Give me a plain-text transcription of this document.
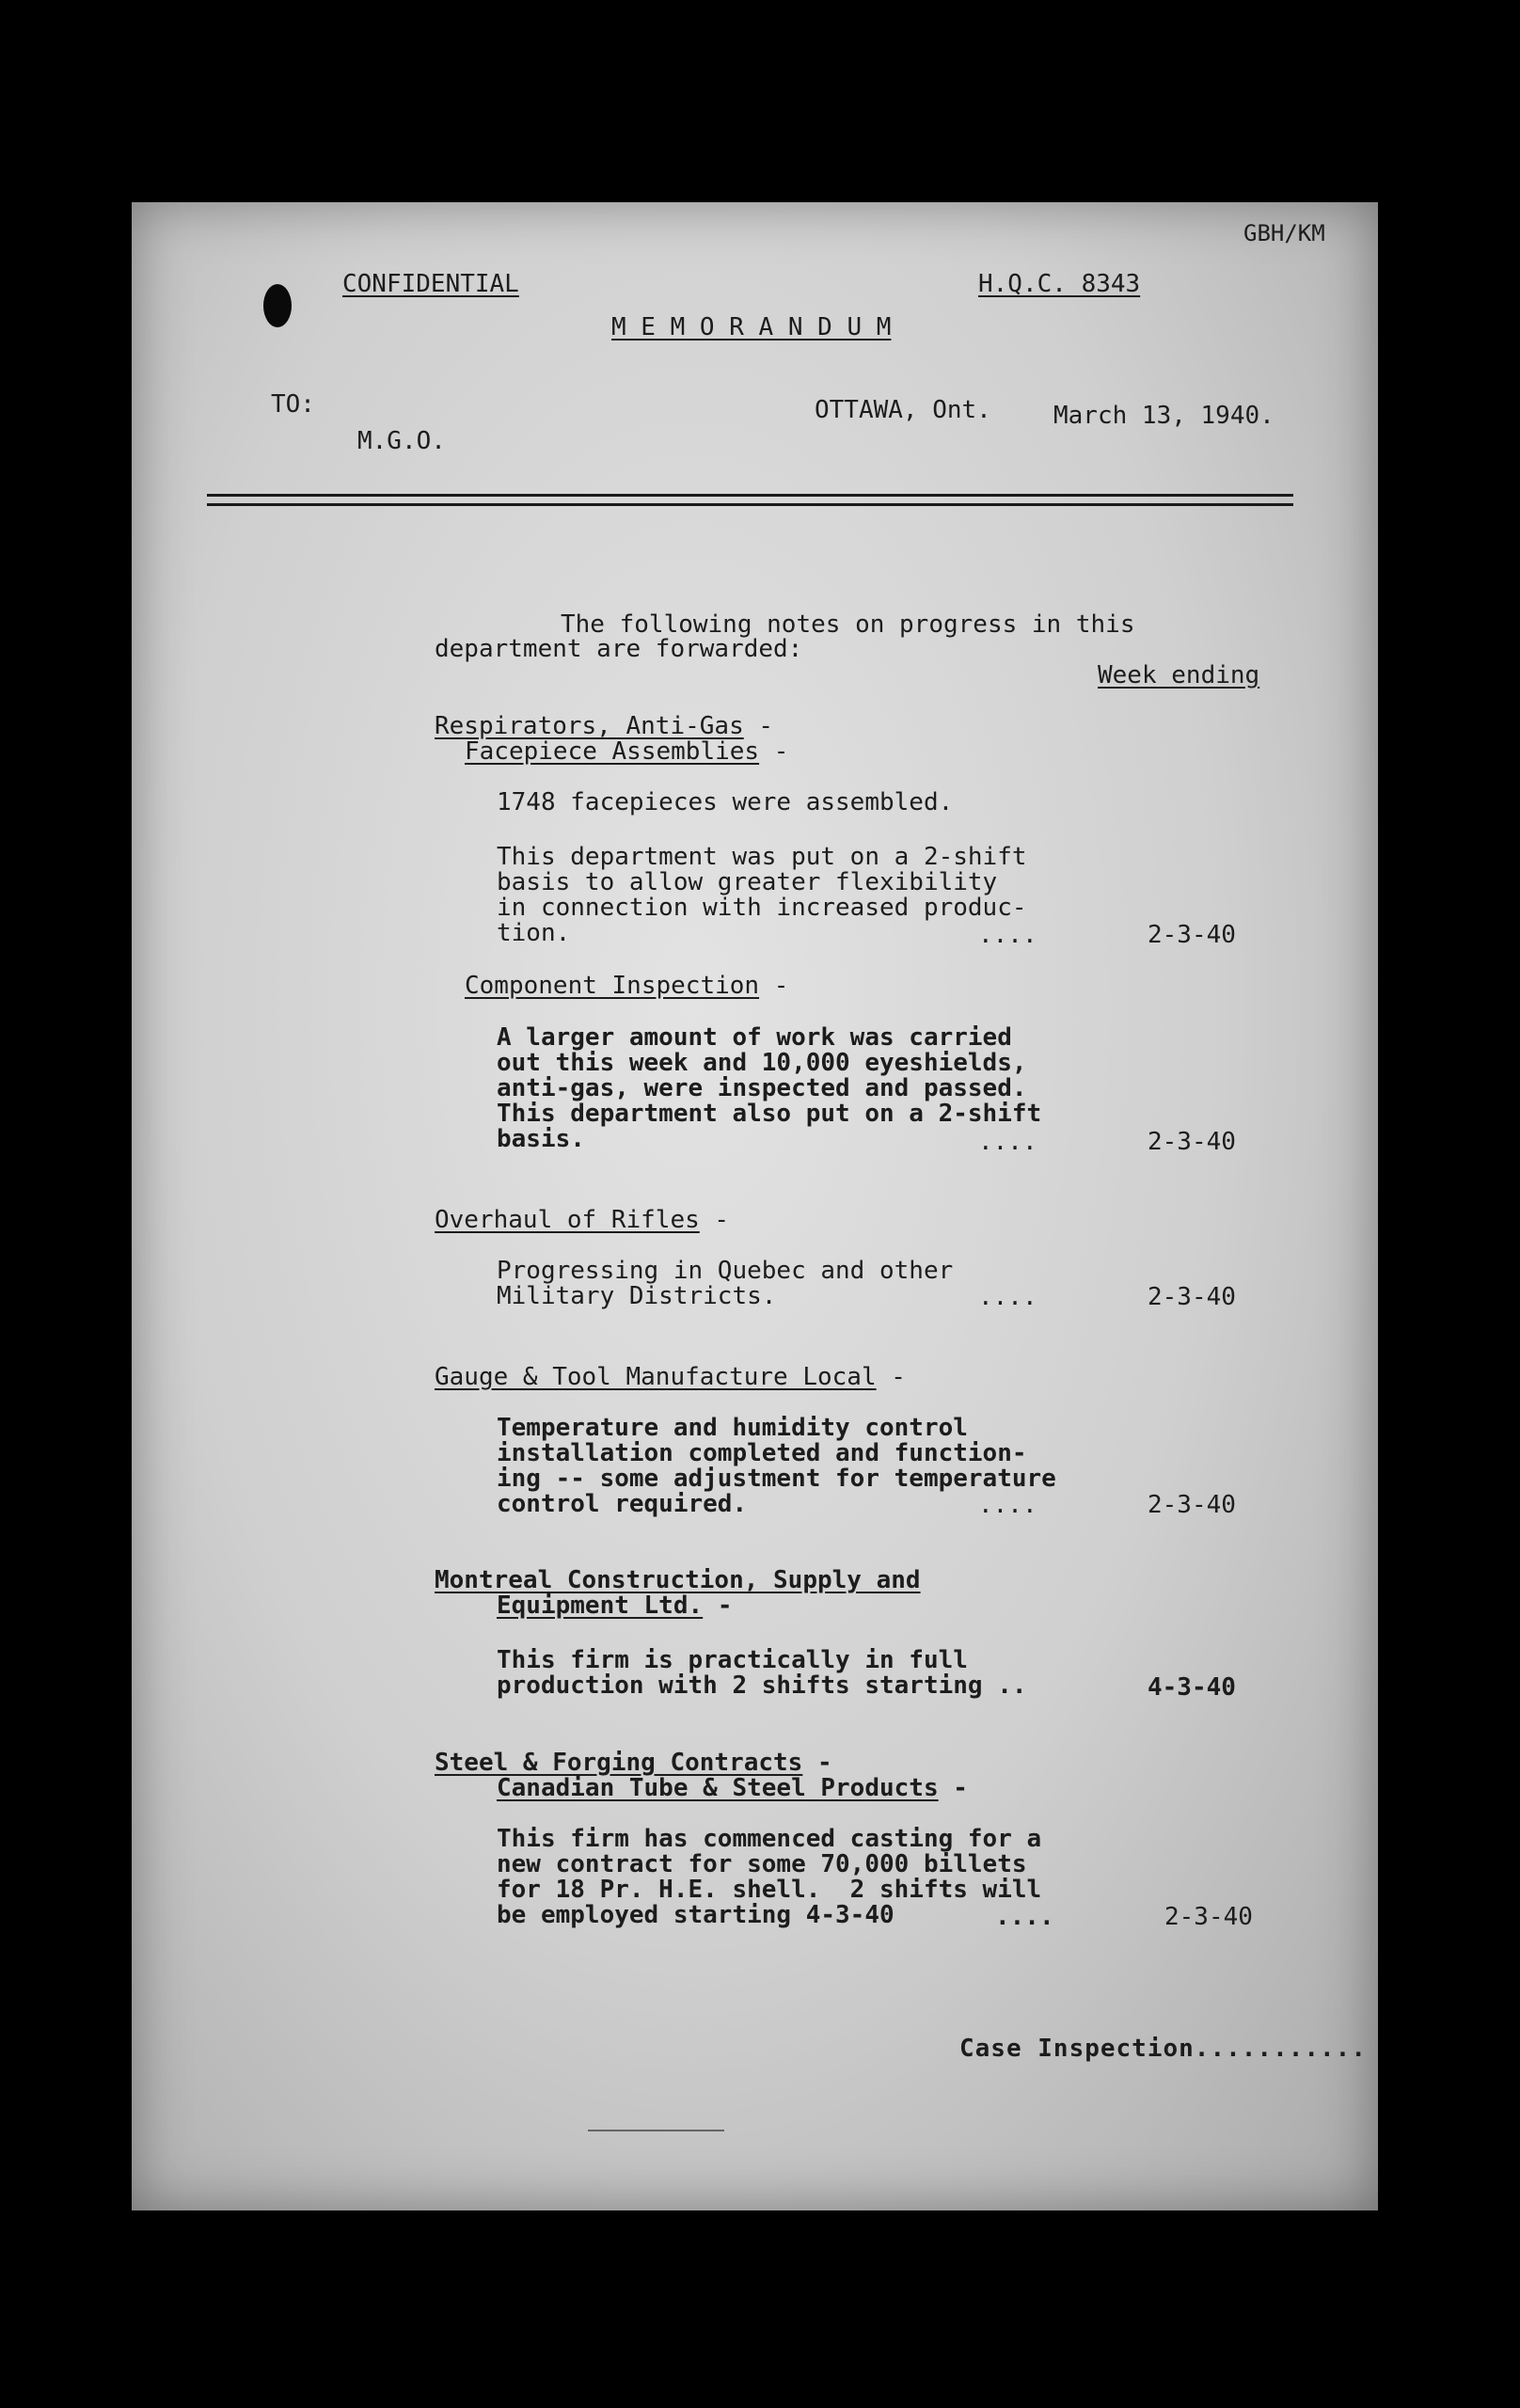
GBH/KM
CONFIDENTIAL	H.Q.C. 8343
M E M O R A N D U M
TO:	OTTAWA, Ont.	March 13, 1940.
M.G.O.
The following notes on progress in this
department are forwarded:
Week ending
Respirators, Anti-Gas -
Facepiece Assemblies -
1748 facepieces were assembled.
This department was put on a 2-shift
basis to allow greater flexibility
in connection with increased produc-
tion.	....	2-3-40
Component Inspection -
A larger amount of work was carried
out this week and 10,000 eyeshields,
anti-gas, were inspected and passed.
This department also put on a 2-shift
basis.	....	2-3-40
Overhaul of Rifles -
Progressing in Quebec and other
Military Districts.	....	2-3-40
Gauge & Tool Manufacture Local -
Temperature and humidity control
installation completed and function-
ing -- some adjustment for temperature
control required.	....	2-3-40
Montreal Construction, Supply and
Equipment Ltd. -
This firm is practically in full
production with 2 shifts starting ..	4-3-40
Steel & Forging Contracts -
Canadian Tube & Steel Products -
This firm has commenced casting for a
new contract for some 70,000 billets
for 18 Pr. H.E. shell.  2 shifts will
be employed starting 4-3-40	....	2-3-40
Case Inspection...........
